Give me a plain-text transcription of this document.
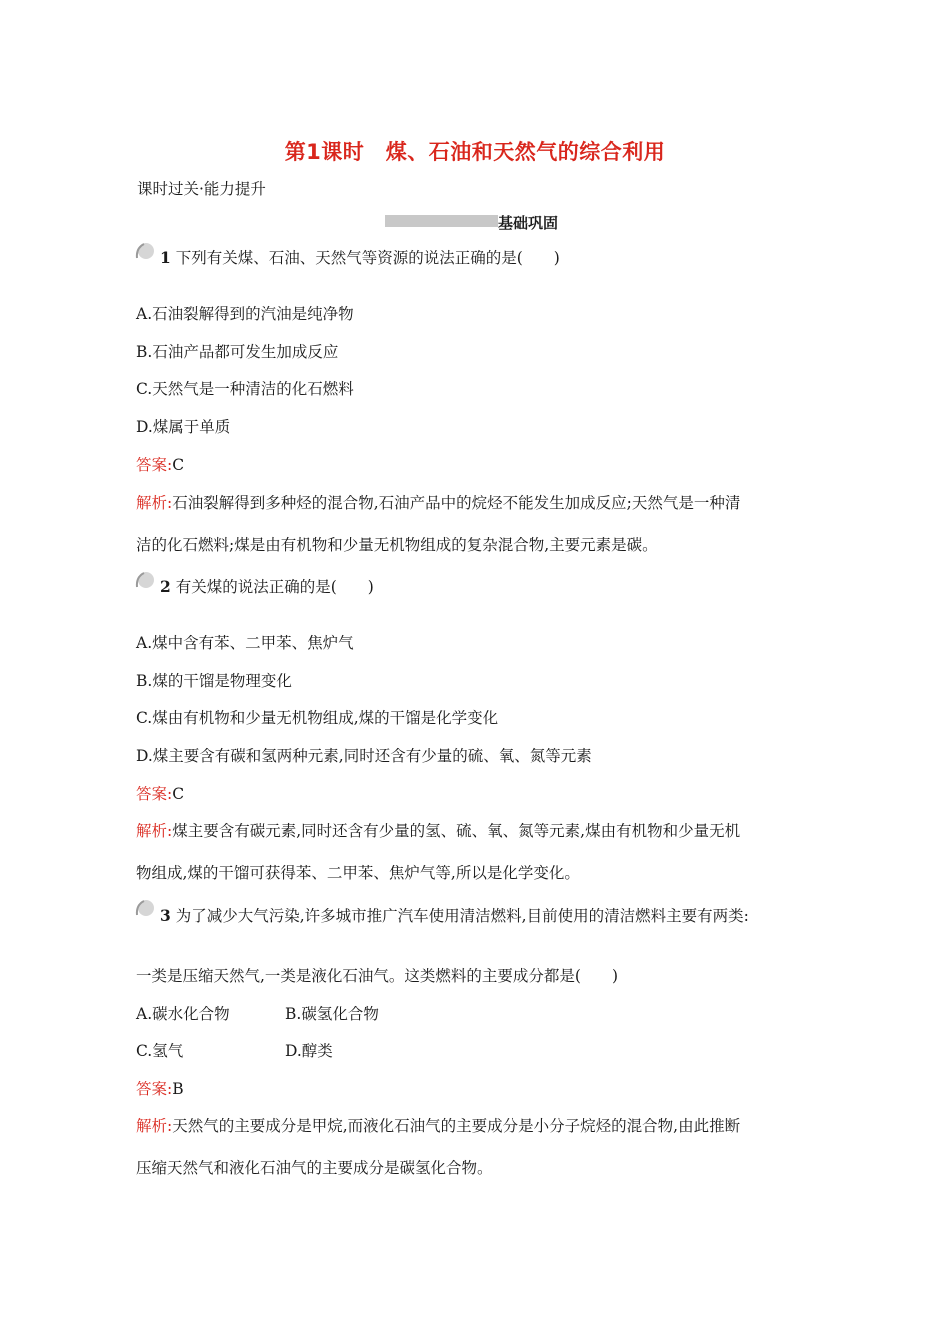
第1课时　煤、石油和天然气的综合利用
课时过关·能力提升
基础巩固
1 下列有关煤、石油、天然气等资源的说法正确的是(　　)
A.石油裂解得到的汽油是纯净物
B.石油产品都可发生加成反应
C.天然气是一种清洁的化石燃料
D.煤属于单质
答案:C
解析:石油裂解得到多种烃的混合物,石油产品中的烷烃不能发生加成反应;天然气是一种清
洁的化石燃料;煤是由有机物和少量无机物组成的复杂混合物,主要元素是碳。
2 有关煤的说法正确的是(　　)
A.煤中含有苯、二甲苯、焦炉气
B.煤的干馏是物理变化
C.煤由有机物和少量无机物组成,煤的干馏是化学变化
D.煤主要含有碳和氢两种元素,同时还含有少量的硫、氧、氮等元素
答案:C
解析:煤主要含有碳元素,同时还含有少量的氢、硫、氧、氮等元素,煤由有机物和少量无机
物组成,煤的干馏可获得苯、二甲苯、焦炉气等,所以是化学变化。
3 为了减少大气污染,许多城市推广汽车使用清洁燃料,目前使用的清洁燃料主要有两类:
一类是压缩天然气,一类是液化石油气。这类燃料的主要成分都是(　　)
A.碳水化合物	B.碳氢化合物
C.氢气	D.醇类
答案:B
解析:天然气的主要成分是甲烷,而液化石油气的主要成分是小分子烷烃的混合物,由此推断
压缩天然气和液化石油气的主要成分是碳氢化合物。
